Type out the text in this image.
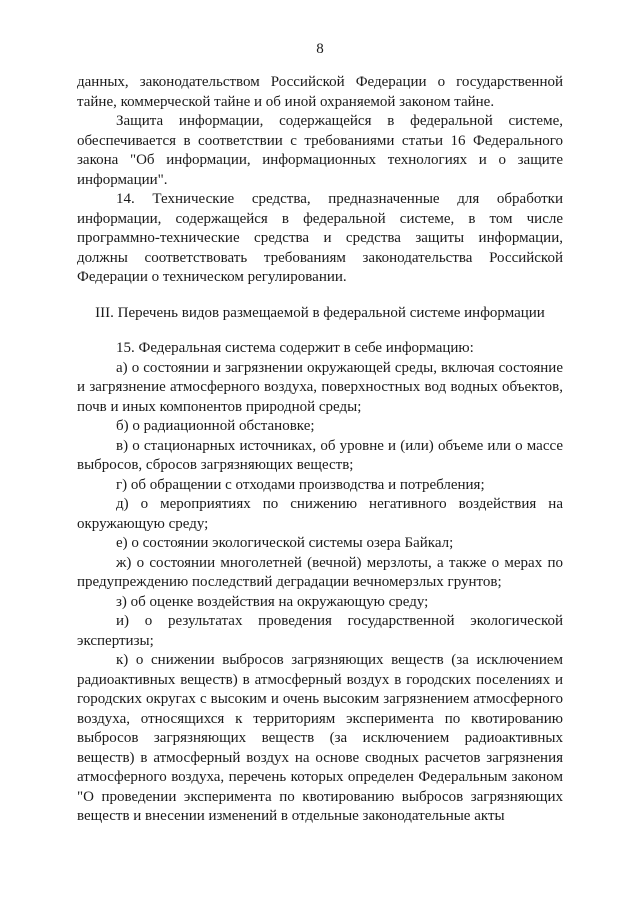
8

данных, законодательством Российской Федерации о государственной тайне, коммерческой тайне и об иной охраняемой законом тайне.

Защита информации, содержащейся в федеральной системе, обеспечивается в соответствии с требованиями статьи 16 Федерального закона "Об информации, информационных технологиях и о защите информации".

14. Технические средства, предназначенные для обработки информации, содержащейся в федеральной системе, в том числе программно-технические средства и средства защиты информации, должны соответствовать требованиям законодательства Российской Федерации о техническом регулировании.

III. Перечень видов размещаемой в федеральной системе информации

15. Федеральная система содержит в себе информацию:

а) о состоянии и загрязнении окружающей среды, включая состояние и загрязнение атмосферного воздуха, поверхностных вод водных объектов, почв и иных компонентов природной среды;

б) о радиационной обстановке;

в) о стационарных источниках, об уровне и (или) объеме или о массе выбросов, сбросов загрязняющих веществ;

г) об обращении с отходами производства и потребления;

д) о мероприятиях по снижению негативного воздействия на окружающую среду;

е) о состоянии экологической системы озера Байкал;

ж) о состоянии многолетней (вечной) мерзлоты, а также о мерах по предупреждению последствий деградации вечномерзлых грунтов;

з) об оценке воздействия на окружающую среду;

и) о результатах проведения государственной экологической экспертизы;

к) о снижении выбросов загрязняющих веществ (за исключением радиоактивных веществ) в атмосферный воздух в городских поселениях и городских округах с высоким и очень высоким загрязнением атмосферного воздуха, относящихся к территориям эксперимента по квотированию выбросов загрязняющих веществ (за исключением радиоактивных веществ) в атмосферный воздух на основе сводных расчетов загрязнения атмосферного воздуха, перечень которых определен Федеральным законом "О проведении эксперимента по квотированию выбросов загрязняющих веществ и внесении изменений в отдельные законодательные акты
